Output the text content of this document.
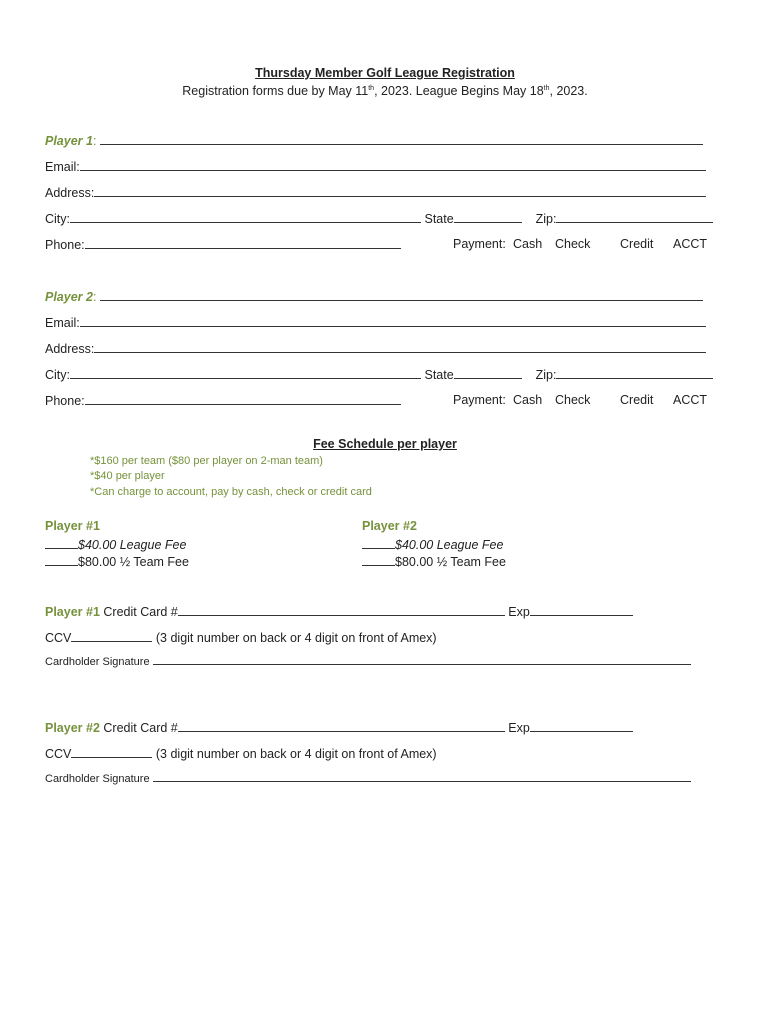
Thursday Member Golf League Registration
Registration forms due by May 11th, 2023. League Begins May 18th, 2023.
Player 1:
Email:
Address:
City:	State	Zip:
Phone:	Payment: Cash Check Credit ACCT
Player 2:
Email:
Address:
City:	State	Zip:
Phone:	Payment: Cash Check Credit ACCT
Fee Schedule per player
*$160 per team ($80 per player on 2-man team)
*$40 per player
*Can charge to account, pay by cash, check or credit card
Player #1
$40.00 League Fee
$80.00 ½ Team Fee
Player #2
$40.00 League Fee
$80.00 ½ Team Fee
Player #1 Credit Card #	Exp
CCV	(3 digit number on back or 4 digit on front of Amex)
Cardholder Signature
Player #2 Credit Card #	Exp
CCV	(3 digit number on back or 4 digit on front of Amex)
Cardholder Signature
